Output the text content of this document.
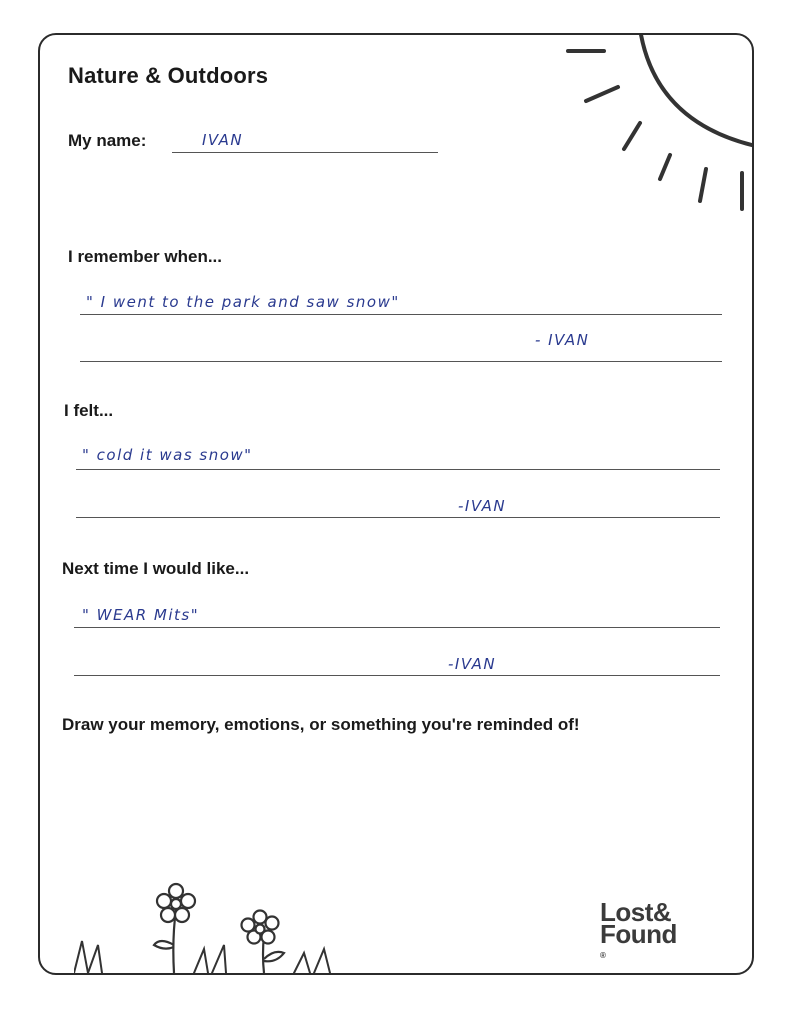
Nature & Outdoors
My name:	IVAN
I remember when...
" I went to the park and saw snow"
- IVAN
I felt...
" cold it was snow"
-IVAN
Next time I would like...
" WEAR Mits"
-IVAN
Draw your memory, emotions, or something you're reminded of!
Lost&
Found
®
